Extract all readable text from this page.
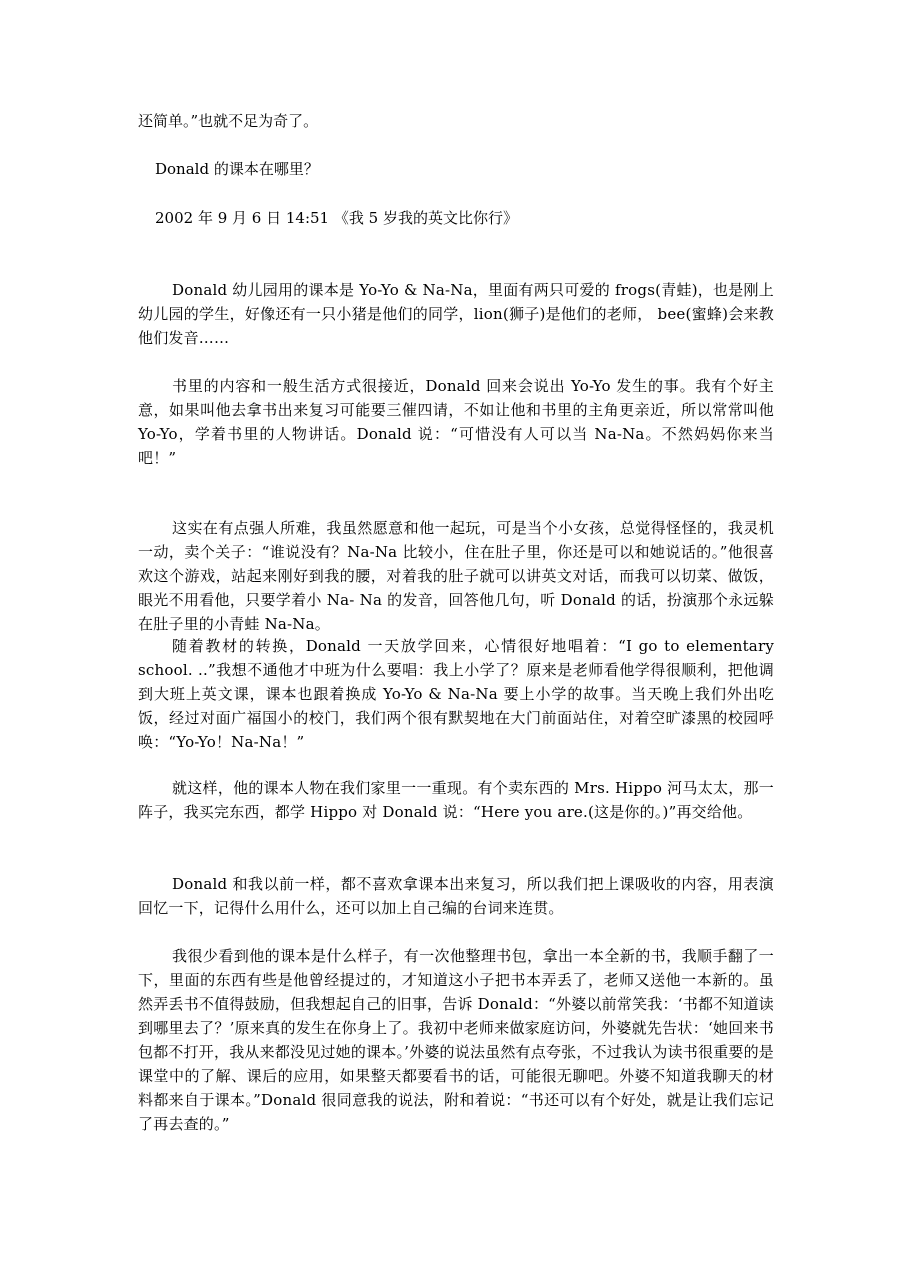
还简单。”也就不足为奇了。
Donald 的课本在哪里？
2002 年 9 月 6 日 14:51 《我 5 岁我的英文比你行》
Donald 幼儿园用的课本是 Yo-Yo & Na-Na，里面有两只可爱的 frogs(青蛙)，也是刚上幼儿园的学生，好像还有一只小猪是他们的同学，lion(狮子)是他们的老师， bee(蜜蜂)会来教他们发音……
书里的内容和一般生活方式很接近，Donald 回来会说出 Yo-Yo 发生的事。我有个好主意，如果叫他去拿书出来复习可能要三催四请，不如让他和书里的主角更亲近，所以常常叫他 Yo-Yo，学着书里的人物讲话。Donald 说：“可惜没有人可以当 Na-Na。不然妈妈你来当吧！”
这实在有点强人所难，我虽然愿意和他一起玩，可是当个小女孩，总觉得怪怪的，我灵机一动，卖个关子：“谁说没有？Na-Na 比较小，住在肚子里，你还是可以和她说话的。”他很喜欢这个游戏，站起来刚好到我的腰，对着我的肚子就可以讲英文对话，而我可以切菜、做饭，眼光不用看他，只要学着小 Na- Na 的发音，回答他几句，听 Donald 的话，扮演那个永远躲在肚子里的小青蛙 Na-Na。
随着教材的转换，Donald 一天放学回来，心情很好地唱着：“I go to elementary school. ..”我想不通他才中班为什么要唱：我上小学了？原来是老师看他学得很顺利，把他调到大班上英文课，课本也跟着换成 Yo-Yo & Na-Na 要上小学的故事。当天晚上我们外出吃饭，经过对面广福国小的校门，我们两个很有默契地在大门前面站住，对着空旷漆黑的校园呼唤：“Yo-Yo！Na-Na！”
就这样，他的课本人物在我们家里一一重现。有个卖东西的 Mrs. Hippo 河马太太，那一阵子，我买完东西，都学 Hippo 对 Donald 说：“Here you are.(这是你的。)”再交给他。
Donald 和我以前一样，都不喜欢拿课本出来复习，所以我们把上课吸收的内容，用表演回忆一下，记得什么用什么，还可以加上自己编的台词来连贯。
我很少看到他的课本是什么样子，有一次他整理书包，拿出一本全新的书，我顺手翻了一下，里面的东西有些是他曾经提过的，才知道这小子把书本弄丢了，老师又送他一本新的。虽然弄丢书不值得鼓励，但我想起自己的旧事，告诉 Donald：“外婆以前常笑我：‘书都不知道读到哪里去了？’原来真的发生在你身上了。我初中老师来做家庭访问，外婆就先告状：‘她回来书包都不打开，我从来都没见过她的课本。’外婆的说法虽然有点夸张，不过我认为读书很重要的是课堂中的了解、课后的应用，如果整天都要看书的话，可能很无聊吧。外婆不知道我聊天的材料都来自于课本。”Donald 很同意我的说法，附和着说：“书还可以有个好处，就是让我们忘记了再去查的。”
